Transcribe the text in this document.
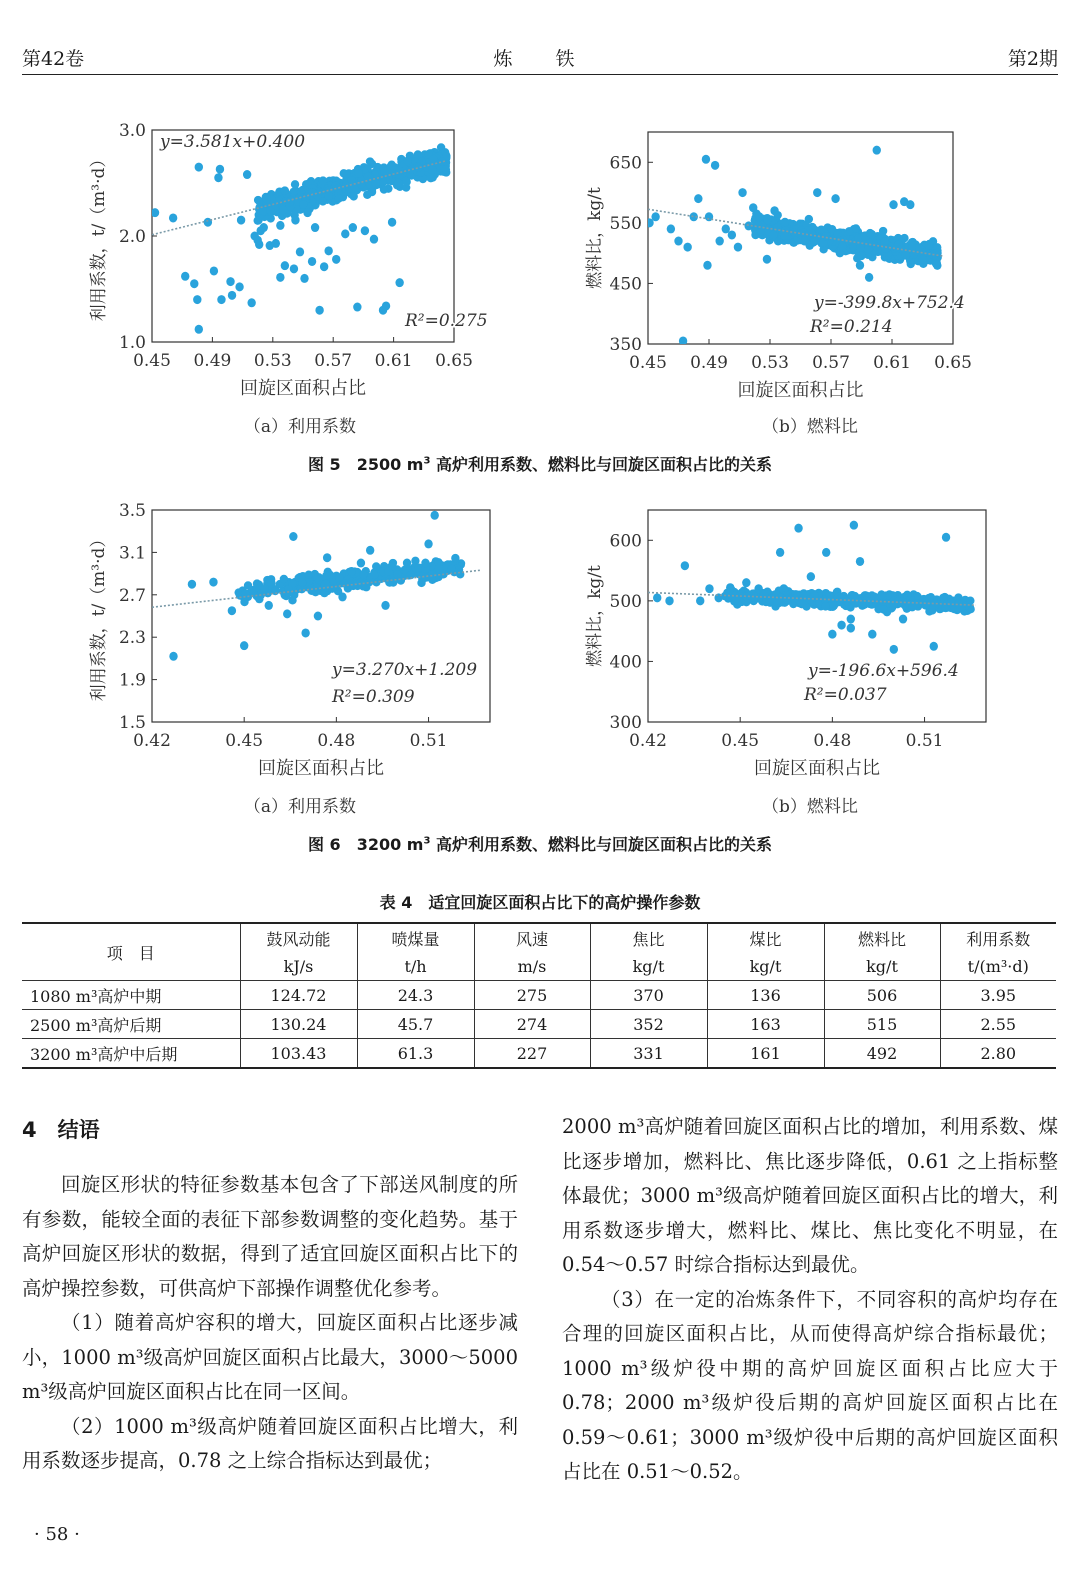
第42卷	炼　铁	第2期
1.0
2.0
3.0
0.45 0.49 0.53 0.57 0.61 0.65
回旋区面积占比
利用系数，t/（m³·d）
y=3.581x+0.400
R²=0.275
350
450
550
650
0.45 0.49 0.53 0.57 0.61 0.65
回旋区面积占比
燃料比，kg/t
y=-399.8x+752.4
R²=0.214
（a）利用系数	（b）燃料比
图 5　2500 $m^3$ 高炉利用系数、燃料比与回旋区面积占比的关系
1.5
1.9
2.3
2.7
3.1
3.5
0.42	0.45	0.48	0.51
回旋区面积占比
利用系数，t/（m³·d）	y=3.270x+1.209
R²=0.309
300
400
500
600
0.42	0.45	0.48	0.51
回旋区面积占比
燃料比，kg/t
y=-196.6x+596.4
R²=0.037
（a）利用系数	（b）燃料比
图 6　3200 $m^3$ 高炉利用系数、燃料比与回旋区面积占比的关系
表 4　适宜回旋区面积占比下的高炉操作参数
项　目	鼓风动能	喷煤量	风速	焦比	煤比	燃料比	利用系数
	kJ/s	t/h	m/s	kg/t	kg/t	kg/t	t/(m³·d)
1080 m³高炉中期	124.72	24.3	275	370	136	506	3.95
2500 m³高炉后期	130.24	45.7	274	352	163	515	2.55
3200 m³高炉中后期	103.43	61.3	227	331	161	492	2.80
4　结语

回旋区形状的特征参数基本包含了下部送风制度的所有参数，能较全面的表征下部参数调整的变化趋势。基于高炉回旋区形状的数据，得到了适宜回旋区面积占比下的高炉操控参数，可供高炉下部操作调整优化参考。

（1）随着高炉容积的增大，回旋区面积占比逐步减小，1000 m³级高炉回旋区面积占比最大，3000～5000 m³级高炉回旋区面积占比在同一区间。

（2）1000 m³级高炉随着回旋区面积占比增大，利用系数逐步提高，0.78 之上综合指标达到最优；

2000 m³高炉随着回旋区面积占比的增加，利用系数、煤比逐步增加，燃料比、焦比逐步降低，0.61 之上指标整体最优；3000 m³级高炉随着回旋区面积占比的增大，利用系数逐步增大，燃料比、煤比、焦比变化不明显，在 0.54～0.57 时综合指标达到最优。

（3）在一定的冶炼条件下，不同容积的高炉均存在合理的回旋区面积占比，从而使得高炉综合指标最优；1000 m³级炉役中期的高炉回旋区面积占比应大于 0.78；2000 m³级炉役后期的高炉回旋区面积占比在 0.59～0.61；3000 m³级炉役中后期的高炉回旋区面积占比在 0.51～0.52。

· 58 ·
